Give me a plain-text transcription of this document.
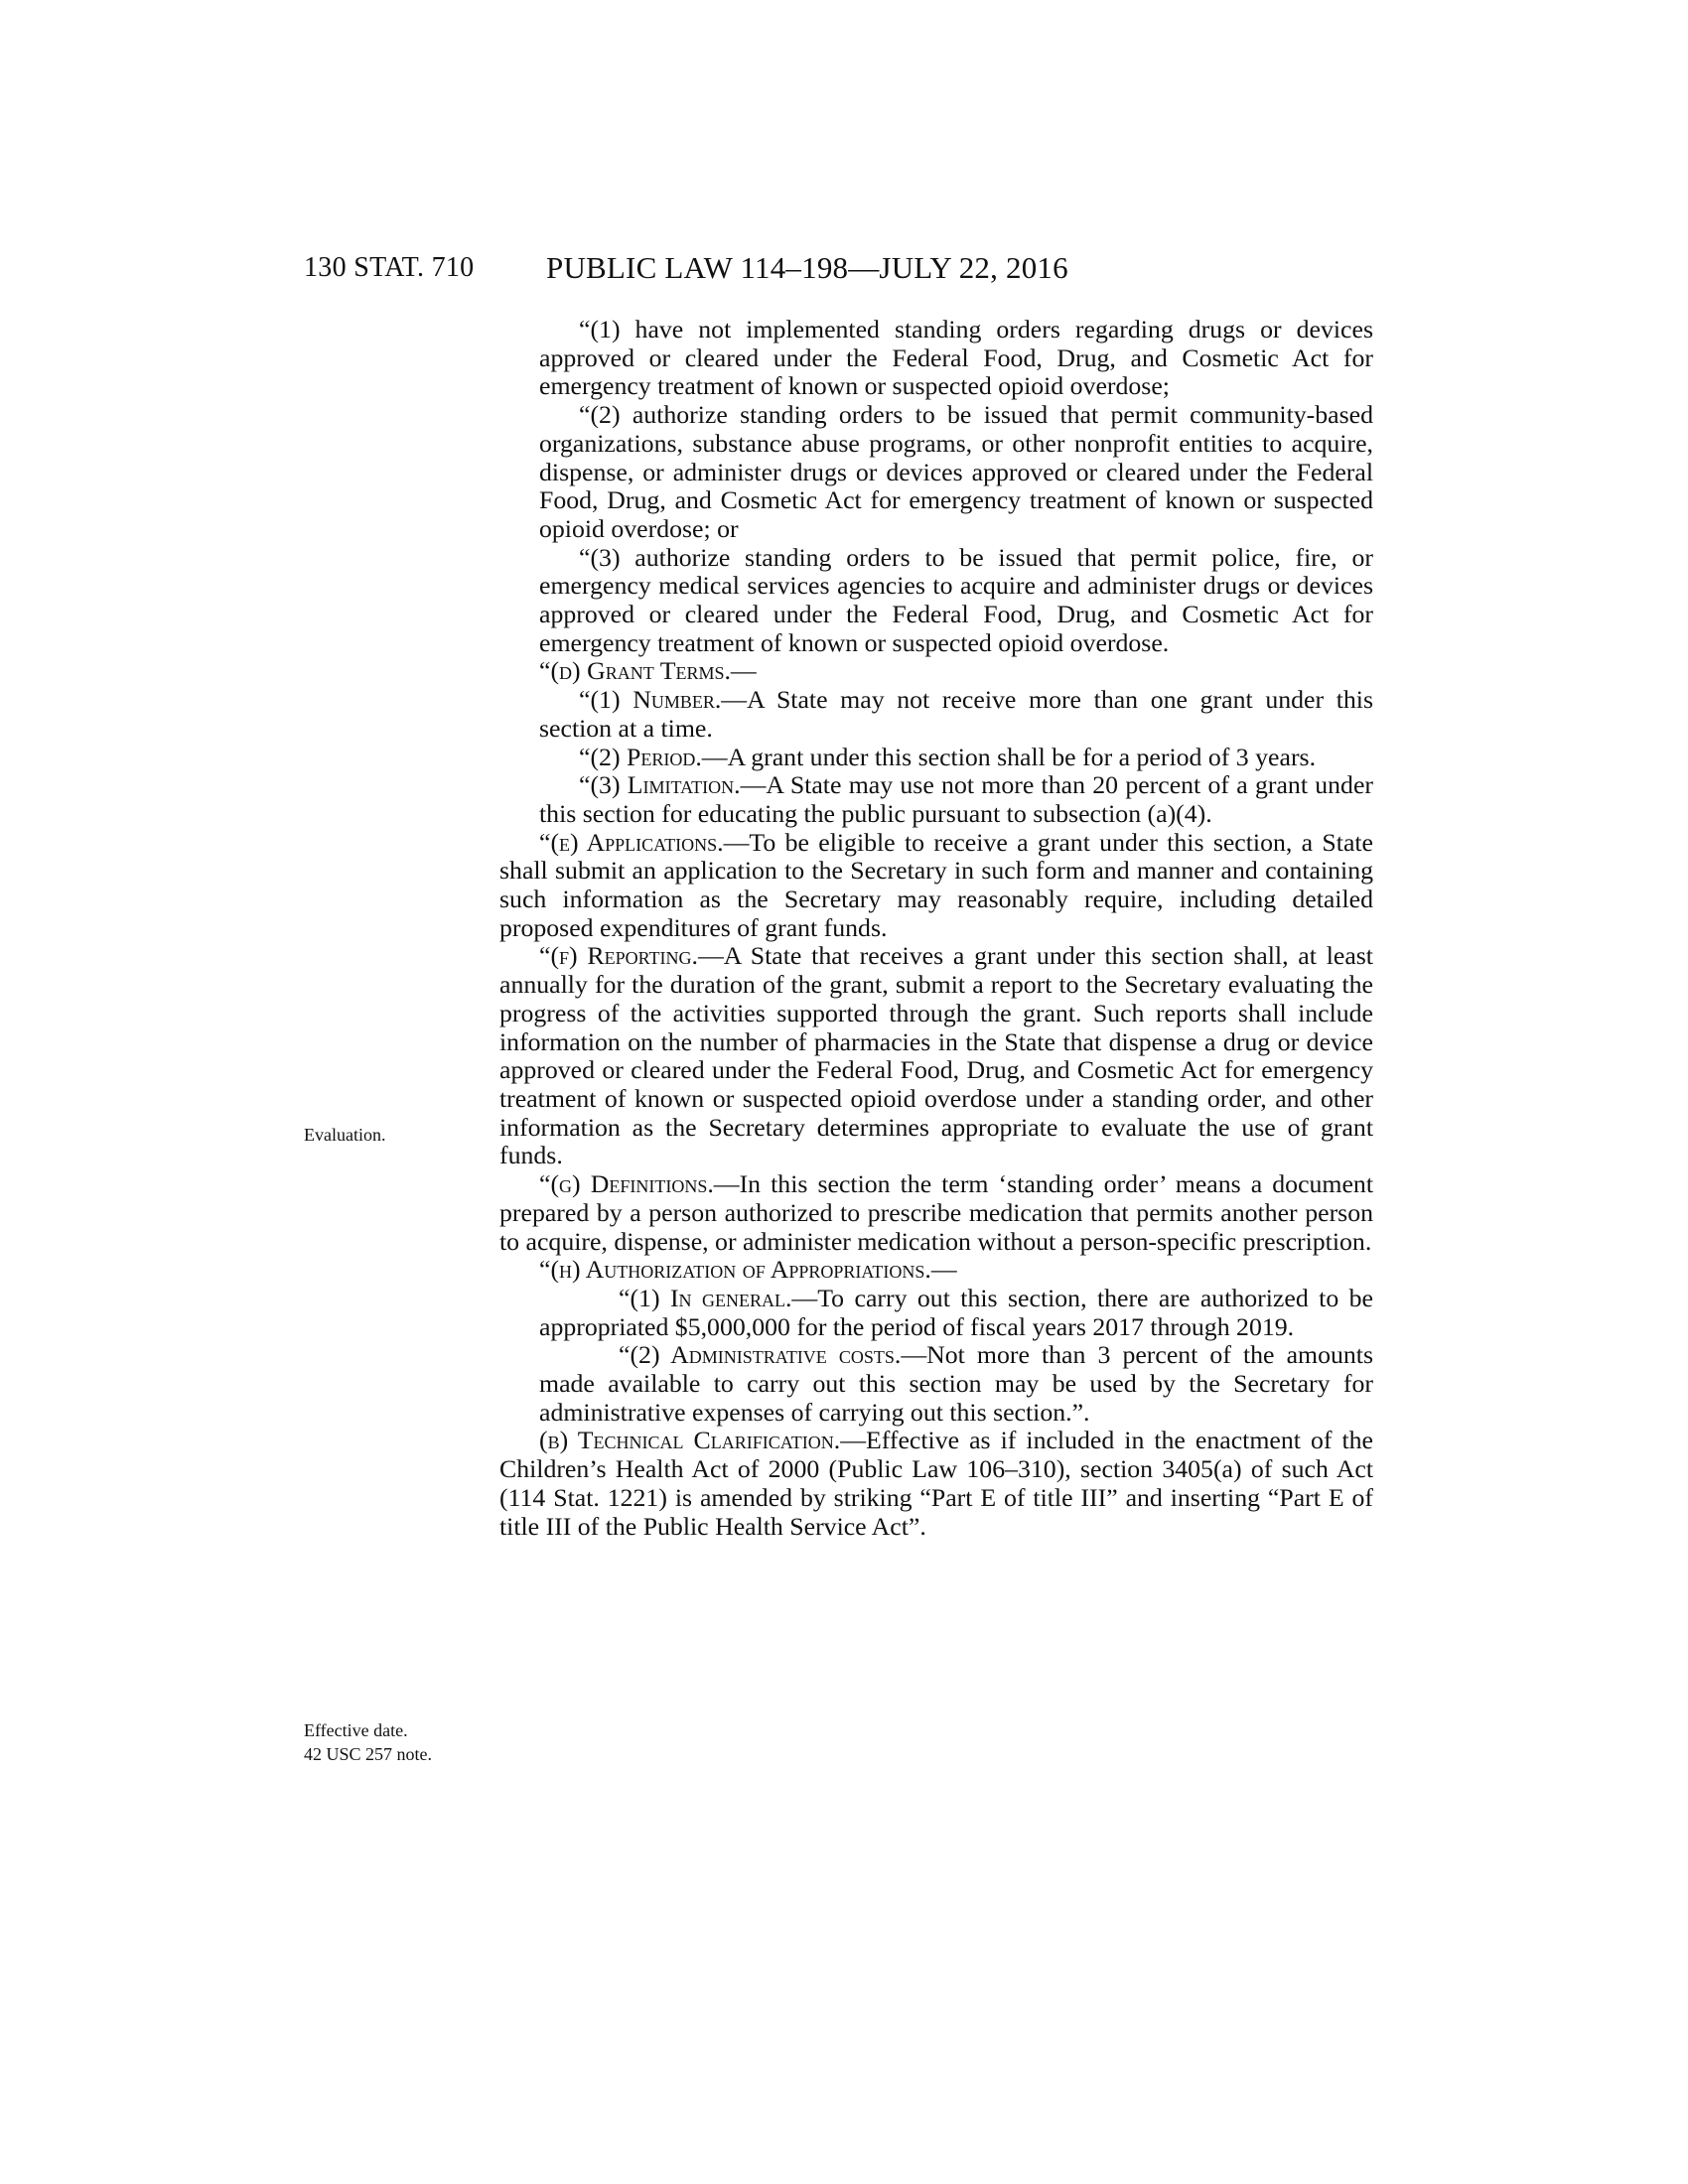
130 STAT. 710 PUBLIC LAW 114–198—JULY 22, 2016
Evaluation.
Effective date.
42 USC 257 note.

“(1) have not implemented standing orders regarding drugs or devices approved or cleared under the Federal Food, Drug, and Cosmetic Act for emergency treatment of known or suspected opioid overdose;

“(2) authorize standing orders to be issued that permit community-based organizations, substance abuse programs, or other nonprofit entities to acquire, dispense, or administer drugs or devices approved or cleared under the Federal Food, Drug, and Cosmetic Act for emergency treatment of known or suspected opioid overdose; or

“(3) authorize standing orders to be issued that permit police, fire, or emergency medical services agencies to acquire and administer drugs or devices approved or cleared under the Federal Food, Drug, and Cosmetic Act for emergency treatment of known or suspected opioid overdose.

“(d) Grant Terms.—

“(1) Number.—A State may not receive more than one grant under this section at a time.

“(2) Period.—A grant under this section shall be for a period of 3 years.

“(3) Limitation.—A State may use not more than 20 percent of a grant under this section for educating the public pursuant to subsection (a)(4).

“(e) Applications.—To be eligible to receive a grant under this section, a State shall submit an application to the Secretary in such form and manner and containing such information as the Secretary may reasonably require, including detailed proposed expenditures of grant funds.

“(f) Reporting.—A State that receives a grant under this section shall, at least annually for the duration of the grant, submit a report to the Secretary evaluating the progress of the activities supported through the grant. Such reports shall include information on the number of pharmacies in the State that dispense a drug or device approved or cleared under the Federal Food, Drug, and Cosmetic Act for emergency treatment of known or suspected opioid overdose under a standing order, and other information as the Secretary determines appropriate to evaluate the use of grant funds.

“(g) Definitions.—In this section the term ‘standing order’ means a document prepared by a person authorized to prescribe medication that permits another person to acquire, dispense, or administer medication without a person-specific prescription.

“(h) Authorization of Appropriations.—

“(1) In general.—To carry out this section, there are authorized to be appropriated $5,000,000 for the period of fiscal years 2017 through 2019.

“(2) Administrative costs.—Not more than 3 percent of the amounts made available to carry out this section may be used by the Secretary for administrative expenses of carrying out this section.”.

(b) Technical Clarification.—Effective as if included in the enactment of the Children’s Health Act of 2000 (Public Law 106–310), section 3405(a) of such Act (114 Stat. 1221) is amended by striking “Part E of title III” and inserting “Part E of title III of the Public Health Service Act”.
